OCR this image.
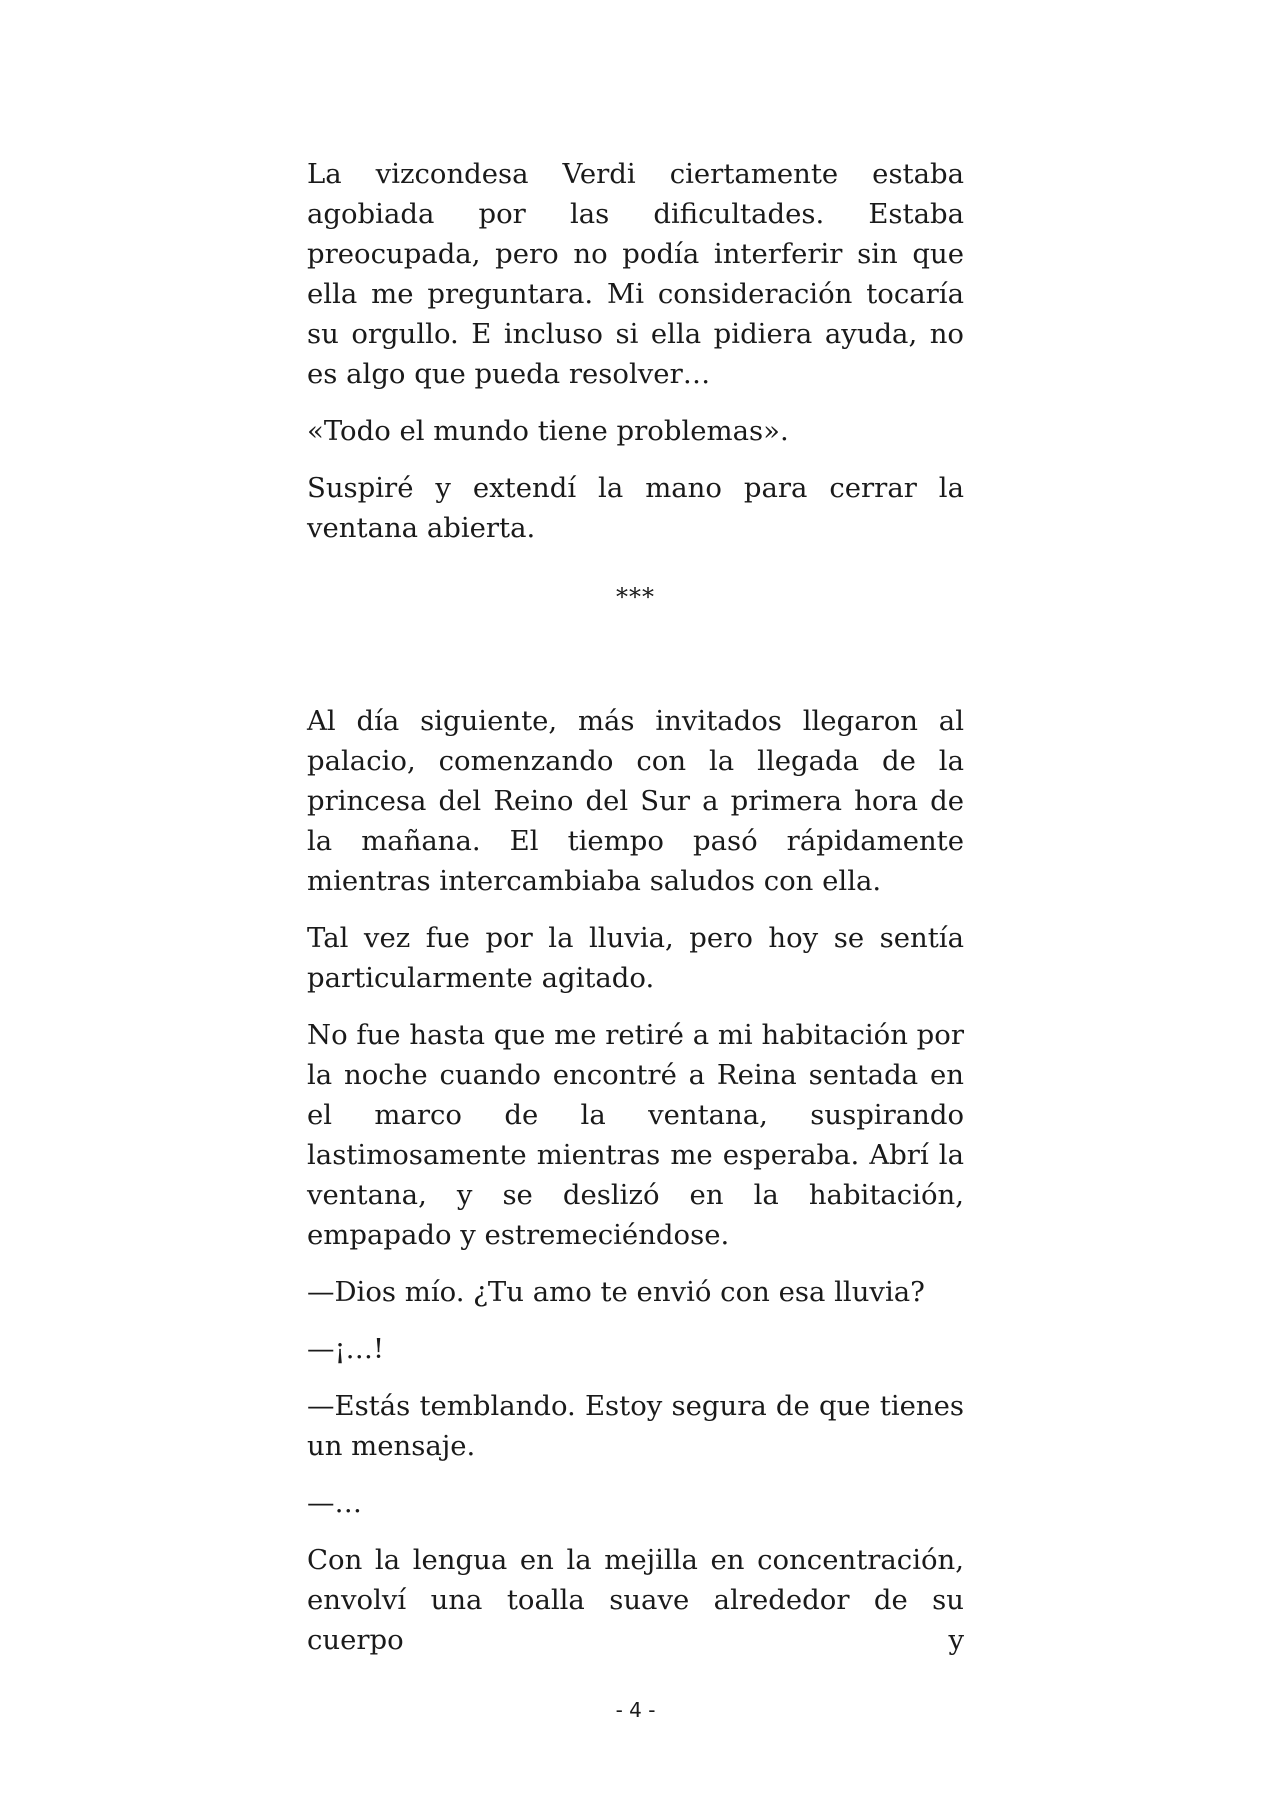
La vizcondesa Verdi ciertamente estaba agobiada por las dificultades. Estaba preocupada, pero no podía interferir sin que ella me preguntara. Mi consideración tocaría su orgullo. E incluso si ella pidiera ayuda, no es algo que pueda resolver…

«Todo el mundo tiene problemas».

Suspiré y extendí la mano para cerrar la ventana abierta.

***

Al día siguiente, más invitados llegaron al palacio, comenzando con la llegada de la princesa del Reino del Sur a primera hora de la mañana. El tiempo pasó rápidamente mientras intercambiaba saludos con ella.

Tal vez fue por la lluvia, pero hoy se sentía particularmente agitado.

No fue hasta que me retiré a mi habitación por la noche cuando encontré a Reina sentada en el marco de la ventana, suspirando lastimosamente mientras me esperaba. Abrí la ventana, y se deslizó en la habitación, empapado y estremeciéndose.

—Dios mío. ¿Tu amo te envió con esa lluvia?

—¡…!

—Estás temblando. Estoy segura de que tienes un mensaje.

—…

Con la lengua en la mejilla en concentración, envolví una toalla suave alrededor de su cuerpo y

- 4 -
